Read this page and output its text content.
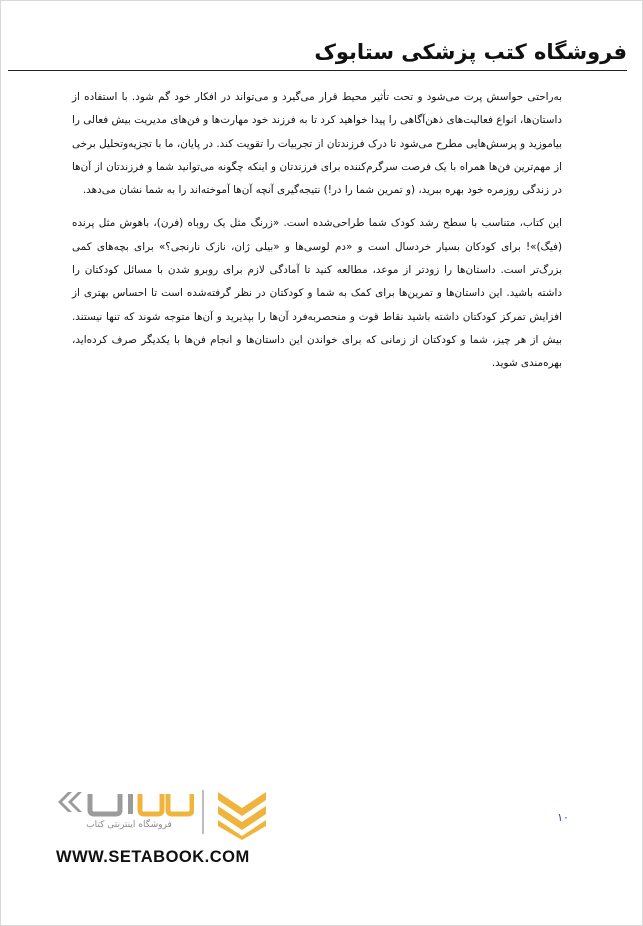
فروشگاه کتب پزشکی ستابوک

به‌راحتی حواسش پرت می‌شود و تحت تأثیر محیط قرار می‌گیرد و می‌تواند در افکار خود گم شود. با استفاده از داستان‌ها، انواع فعالیت‌های ذهن‌آگاهی را پیدا خواهید کرد تا به فرزند خود مهارت‌ها و فن‌های مدیریت بیش فعالی را بیاموزید و پرسش‌هایی مطرح می‌شود تا درک فرزندتان از تجربیات را تقویت کند. در پایان، ما با تجزیه‌وتحلیل برخی از مهم‌ترین فن‌ها همراه با یک فرصت سرگرم‌کننده برای فرزندتان و اینکه چگونه می‌توانید شما و فرزندتان از آن‌ها در زندگی روزمره خود بهره ببرید، (و تمرین شما را در!) نتیجه‌گیری آنچه آن‌ها آموخته‌اند را به شما نشان می‌دهد.

این کتاب، متناسب با سطح رشد کودک شما طراحی‌شده است. «زرنگ مثل یک روباه (فرن)، باهوش مثل پرنده (فیگ)»! برای کودکان بسیار خردسال است و «دم‌ لوسی‌ها و «بیلی ژان، نازک نارنجی؟» برای بچه‌های کمی بزرگ‌تر است. داستان‌ها را زودتر از موعد، مطالعه کنید تا آمادگی لازم برای روبرو شدن با مسائل کودکتان را داشته باشید. این داستان‌ها و تمرین‌ها برای کمک به شما و کودکتان در نظر گرفته‌شده است تا احساس بهتری از افزایش تمرکز کودکتان داشته باشید نقاط قوت و منحصربه‌فرد آن‌ها را بپذیرید و آن‌ها متوجه شوند که تنها نیستند. بیش از هر چیز، شما و کودکتان از زمانی که برای خواندن این داستان‌ها و انجام فن‌ها با یکدیگر صرف کرده‌اید، بهره‌مندی شوید.

فروشگاه اینترنتی کتاب
۱۰
WWW.SETABOOK.COM
